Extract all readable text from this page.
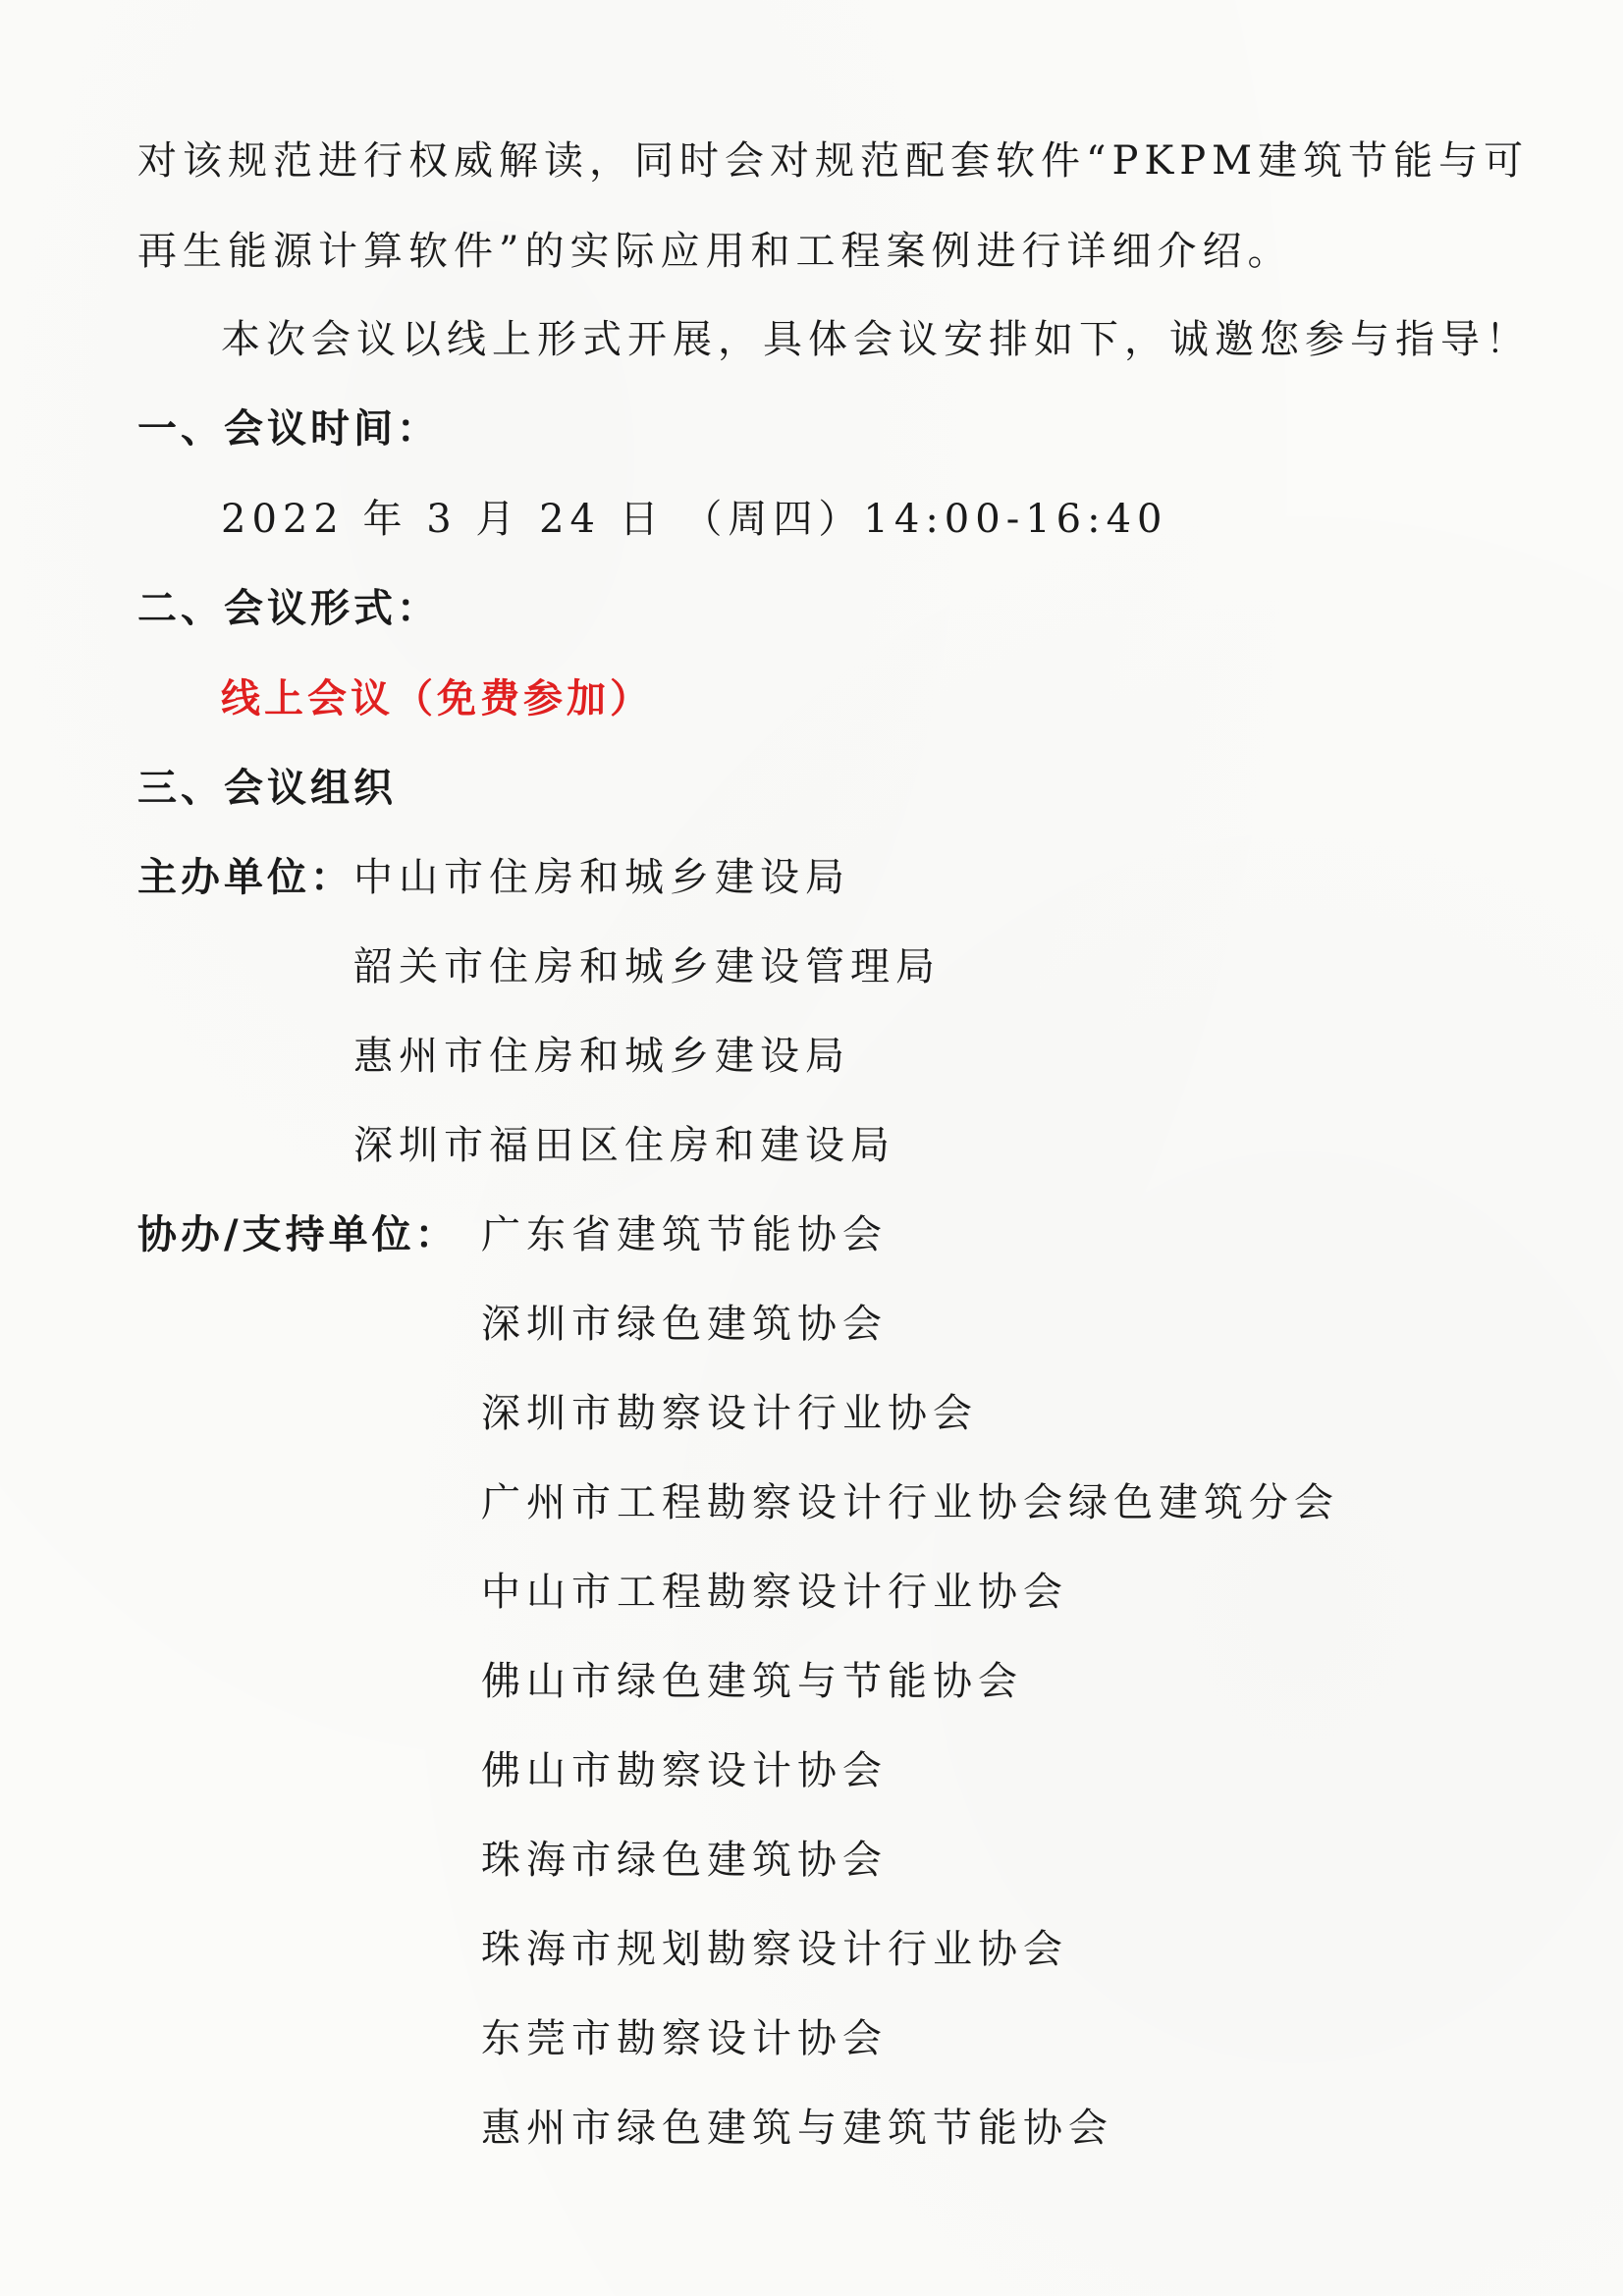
对该规范进行权威解读，同时会对规范配套软件“PKPM建筑节能与可
再生能源计算软件”的实际应用和工程案例进行详细介绍。
本次会议以线上形式开展，具体会议安排如下，诚邀您参与指导！
一、会议时间：
2022 年 3 月 24 日 （周四）14:00-16:40
二、会议形式：
线上会议（免费参加）
三、会议组织
主办单位： 中山市住房和城乡建设局
韶关市住房和城乡建设管理局
惠州市住房和城乡建设局
深圳市福田区住房和建设局
协办/支持单位： 广东省建筑节能协会
深圳市绿色建筑协会
深圳市勘察设计行业协会
广州市工程勘察设计行业协会绿色建筑分会
中山市工程勘察设计行业协会
佛山市绿色建筑与节能协会
佛山市勘察设计协会
珠海市绿色建筑协会
珠海市规划勘察设计行业协会
东莞市勘察设计协会
惠州市绿色建筑与建筑节能协会
